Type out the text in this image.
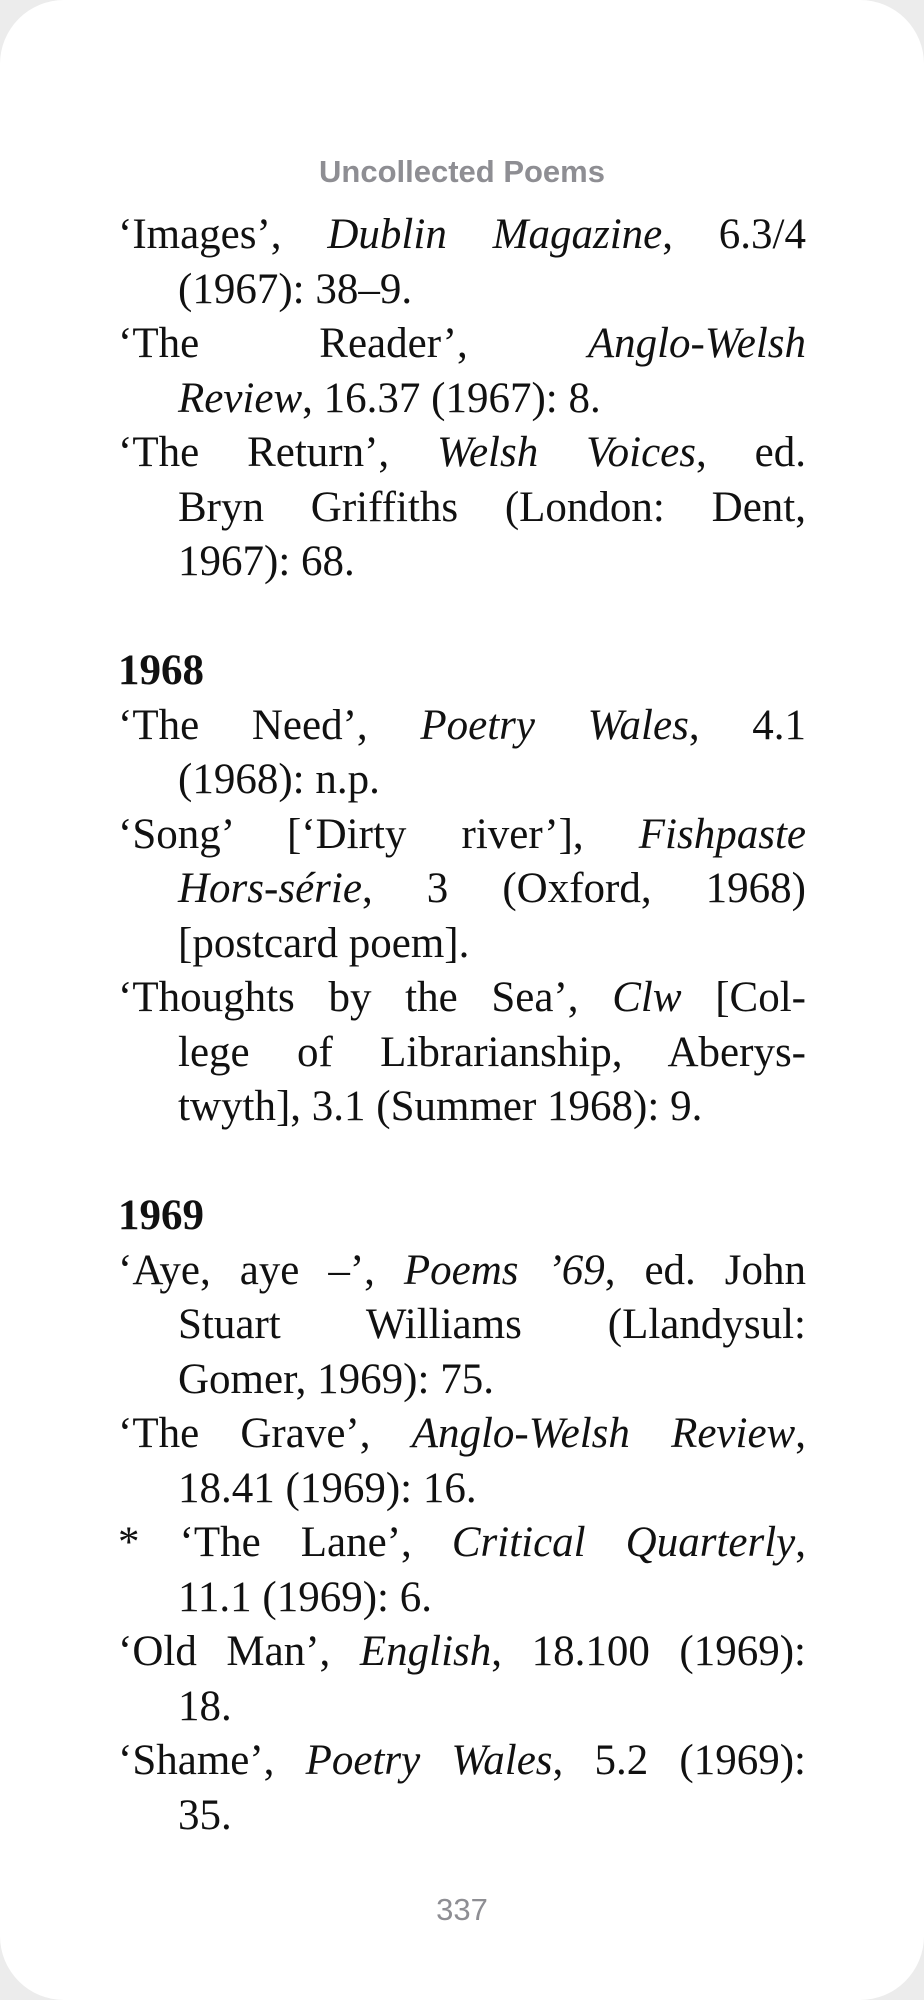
Uncollected Poems
‘Images’, Dublin Magazine, 6.3/4
(1967): 38–9.
‘The Reader’, Anglo-Welsh
Review, 16.37 (1967): 8.
‘The Return’, Welsh Voices, ed.
Bryn Griffiths (London: Dent,
1967): 68.
1968
‘The Need’, Poetry Wales, 4.1
(1968): n.p.
‘Song’ [‘Dirty river’], Fishpaste
Hors-série, 3 (Oxford, 1968)
[postcard poem].
‘Thoughts by the Sea’, Clw [Col-
lege of Librarianship, Aberys-
twyth], 3.1 (Summer 1968): 9.
1969
‘Aye, aye –’, Poems ’69, ed. John
Stuart Williams (Llandysul:
Gomer, 1969): 75.
‘The Grave’, Anglo-Welsh Review,
18.41 (1969): 16.
* ‘The Lane’, Critical Quarterly,
11.1 (1969): 6.
‘Old Man’, English, 18.100 (1969):
18.
‘Shame’, Poetry Wales, 5.2 (1969):
35.
337
